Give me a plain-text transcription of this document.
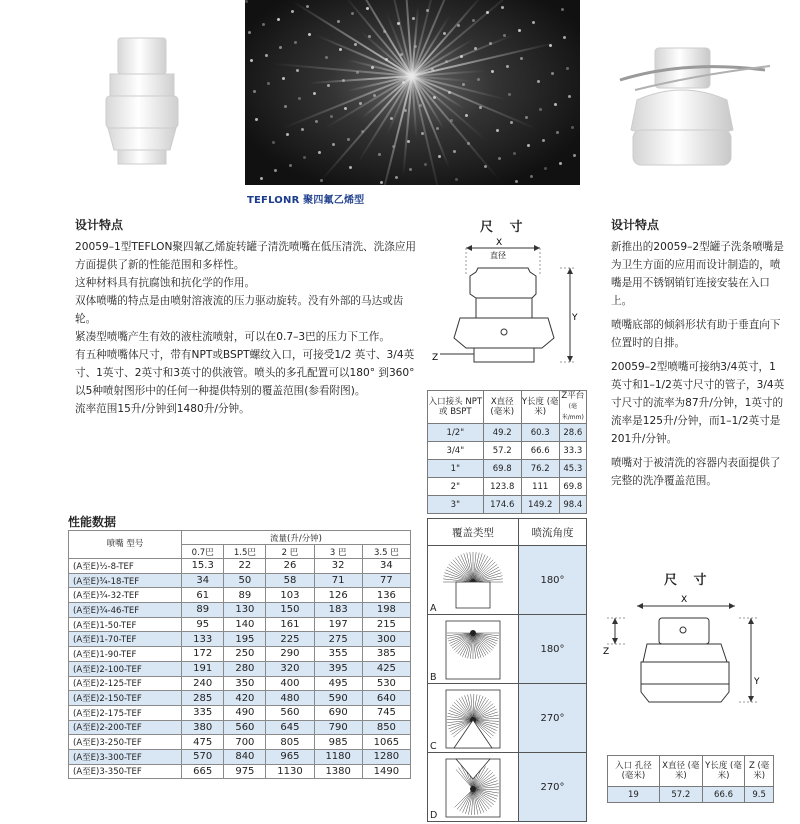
TEFLONR 聚四氟乙烯型
设计特点

20059–1型TEFLON聚四氟乙烯旋转罐子清洗喷嘴在低压清洗、洗涤应用方面提供了新的性能范围和多样性。

这种材料具有抗腐蚀和抗化学的作用。

双体喷嘴的特点是由喷射溶液流的压力驱动旋转。没有外部的马达或齿轮。

紧凑型喷嘴产生有效的液柱流喷射，可以在0.7–3巴的压力下工作。

有五种喷嘴体尺寸，带有NPT或BSPT螺纹入口，可接受1/2 英寸、3/4英寸、1英寸、2英寸和3英寸的供液管。喷头的多孔配置可以180° 到360° 以5种喷射图形中的任何一种提供特别的覆盖范围(参看附图)。

流率范围15升/分钟到1480升/分钟。

设计特点

新推出的20059–2型罐子洗条喷嘴是为卫生方面的应用而设计制造的，喷嘴是用不锈钢销钉连接安装在入口上。

喷嘴底部的倾斜形状有助于垂直向下位置时的自排。

20059–2型喷嘴可接纳3/4英寸，1英寸和1–1/2英寸尺寸的管子，3/4英寸尺寸的流率为87升/分钟，1英寸的流率是125升/分钟，而1–1/2英寸是201升/分钟。

喷嘴对于被清洗的容器内表面提供了完整的洗净覆盖范围。

尺 寸
X
直径
Y
Z
入口接头 NPT或 BSPT	X直径 (毫米)	Y长度 (毫米)	Z平台
(毫米/mm)
1/2"	49.2	60.3	28.6
3/4"	57.2	66.6	33.3
1"	69.8	76.2	45.3
2"	123.8	111	69.8
3"	174.6	149.2	98.4
性能数据
喷嘴 型号	流量(升/分钟)				
	0.7巴	1.5巴	2 巴	3 巴	3.5 巴
(A至E)½-8-TEF	15.3	22	26	32	34
(A至E)¾-18-TEF	34	50	58	71	77
(A至E)¾-32-TEF	61	89	103	126	136
(A至E)¾-46-TEF	89	130	150	183	198
(A至E)1-50-TEF	95	140	161	197	215
(A至E)1-70-TEF	133	195	225	275	300
(A至E)1-90-TEF	172	250	290	355	385
(A至E)2-100-TEF	191	280	320	395	425
(A至E)2-125-TEF	240	350	400	495	530
(A至E)2-150-TEF	285	420	480	590	640
(A至E)2-175-TEF	335	490	560	690	745
(A至E)2-200-TEF	380	560	645	790	850
(A至E)3-250-TEF	475	700	805	985	1065
(A至E)3-300-TEF	570	840	965	1180	1280
(A至E)3-350-TEF	665	975	1130	1380	1490
覆盖类型	喷流角度

A	180°

B	180°

C	270°

D	270°
尺 寸
X
Z
Y
入口 孔径 (毫米)	X直径 (毫米)	Y长度 (毫米)	Z (毫米)
19	57.2	66.6	9.5
